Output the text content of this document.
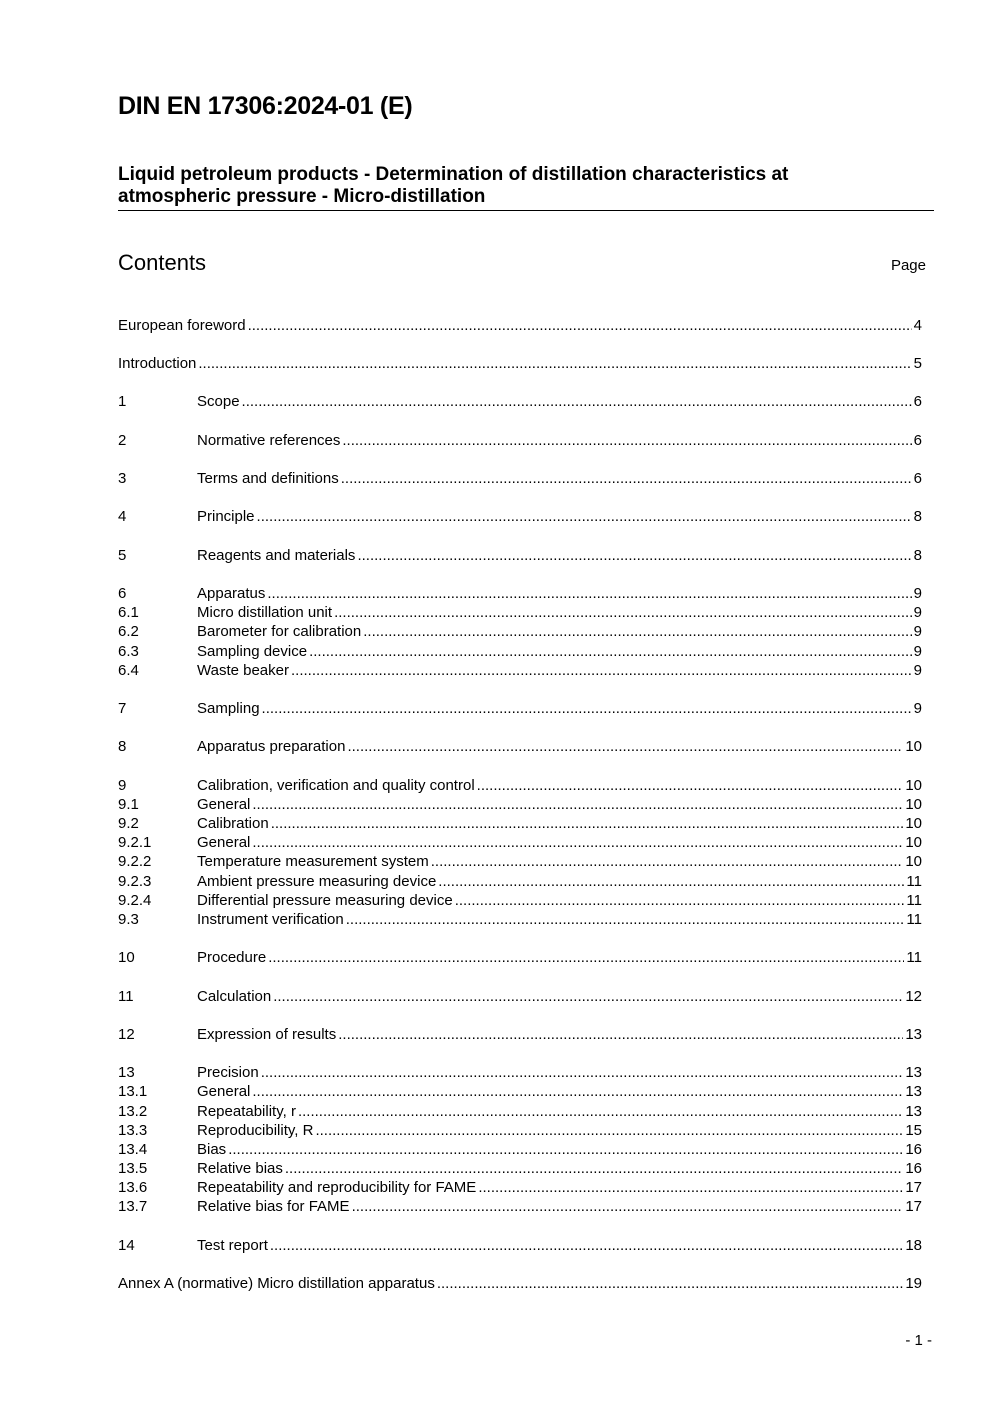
DIN EN 17306:2024-01 (E)
Liquid petroleum products - Determination of distillation characteristics at atmospheric pressure - Micro-distillation
Contents	Page
European foreword .....	4
Introduction .....	5
1	Scope .....	6
2	Normative references .....	6
3	Terms and definitions .....	6
4	Principle .....	8
5	Reagents and materials .....	8
6	Apparatus .....	9
6.1	Micro distillation unit .....	9
6.2	Barometer for calibration .....	9
6.3	Sampling device .....	9
6.4	Waste beaker .....	9
7	Sampling .....	9
8	Apparatus preparation .....	10
9	Calibration, verification and quality control .....	10
9.1	General .....	10
9.2	Calibration .....	10
9.2.1	General .....	10
9.2.2	Temperature measurement system .....	10
9.2.3	Ambient pressure measuring device .....	11
9.2.4	Differential pressure measuring device .....	11
9.3	Instrument verification .....	11
10	Procedure .....	11
11	Calculation .....	12
12	Expression of results .....	13
13	Precision .....	13
13.1	General .....	13
13.2	Repeatability, r .....	13
13.3	Reproducibility, R .....	15
13.4	Bias .....	16
13.5	Relative bias .....	16
13.6	Repeatability and reproducibility for FAME .....	17
13.7	Relative bias for FAME .....	17
14	Test report .....	18
Annex A (normative) Micro distillation apparatus .....	19
- 1 -
